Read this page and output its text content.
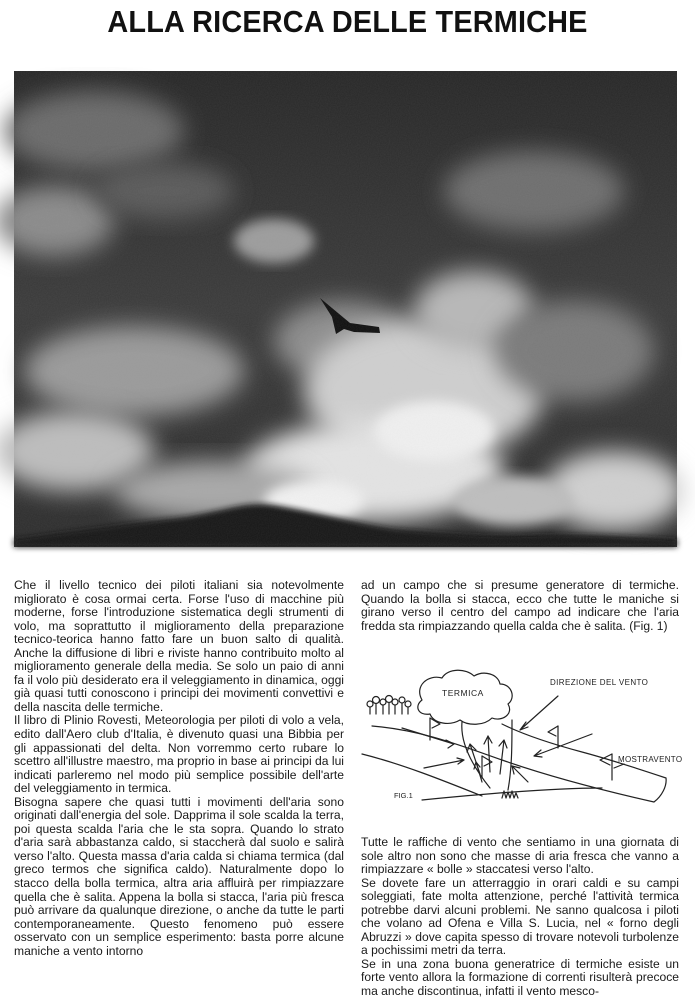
ALLA RICERCA DELLE TERMICHE

Che il livello tecnico dei piloti italiani sia notevolmente migliorato è cosa ormai certa. Forse l'uso di macchine più moderne, forse l'introduzione sistematica degli strumenti di volo, ma soprattutto il miglioramento della preparazione tecnico-teorica hanno fatto fare un buon salto di qualità. Anche la diffusione di libri e riviste hanno contribuito molto al miglioramento generale della media. Se solo un paio di anni fa il volo più desiderato era il veleggiamento in dinamica, oggi già quasi tutti conoscono i principi dei movimenti convettivi e della nascita delle termiche.

Il libro di Plinio Rovesti, Meteorologia per piloti di volo a vela, edito dall'Aero club d'Italia, è divenuto quasi una Bibbia per gli appassionati del delta. Non vorremmo certo rubare lo scettro all'illustre maestro, ma proprio in base ai principi da lui indicati parleremo nel modo più semplice possibile dell'arte del veleggiamento in termica.

Bisogna sapere che quasi tutti i movimenti dell'aria sono originati dall'energia del sole. Dapprima il sole scalda la terra, poi questa scalda l'aria che le sta sopra. Quando lo strato d'aria sarà abbastanza caldo, si staccherà dal suolo e salirà verso l'alto. Questa massa d'aria calda si chiama termica (dal greco termos che significa caldo). Naturalmente dopo lo stacco della bolla termica, altra aria affluirà per rimpiazzare quella che è salita. Appena la bolla si stacca, l'aria più fresca può arrivare da qualunque direzione, o anche da tutte le parti contemporaneamente. Questo fenomeno può essere osservato con un semplice esperimento: basta porre alcune maniche a vento intorno

ad un campo che si presume generatore di termiche. Quando la bolla si stacca, ecco che tutte le maniche si girano verso il centro del campo ad indicare che l'aria fredda sta rimpiazzando quella calda che è salita. (Fig. 1)

TERMICA
DIREZIONE DEL VENTO
MOSTRAVENTO
FIG.1

Tutte le raffiche di vento che sentiamo in una giornata di sole altro non sono che masse di aria fresca che vanno a rimpiazzare « bolle » staccatesi verso l'alto.

Se dovete fare un atterraggio in orari caldi e su campi soleggiati, fate molta attenzione, perché l'attività termica potrebbe darvi alcuni problemi. Ne sanno qualcosa i piloti che volano ad Ofena e Villa S. Lucia, nel « forno degli Abruzzi » dove capita spesso di trovare notevoli turbolenze a pochissimi metri da terra.

Se in una zona buona generatrice di termiche esiste un forte vento allora la formazione di correnti risulterà precoce ma anche discontinua, infatti il vento mesco-
